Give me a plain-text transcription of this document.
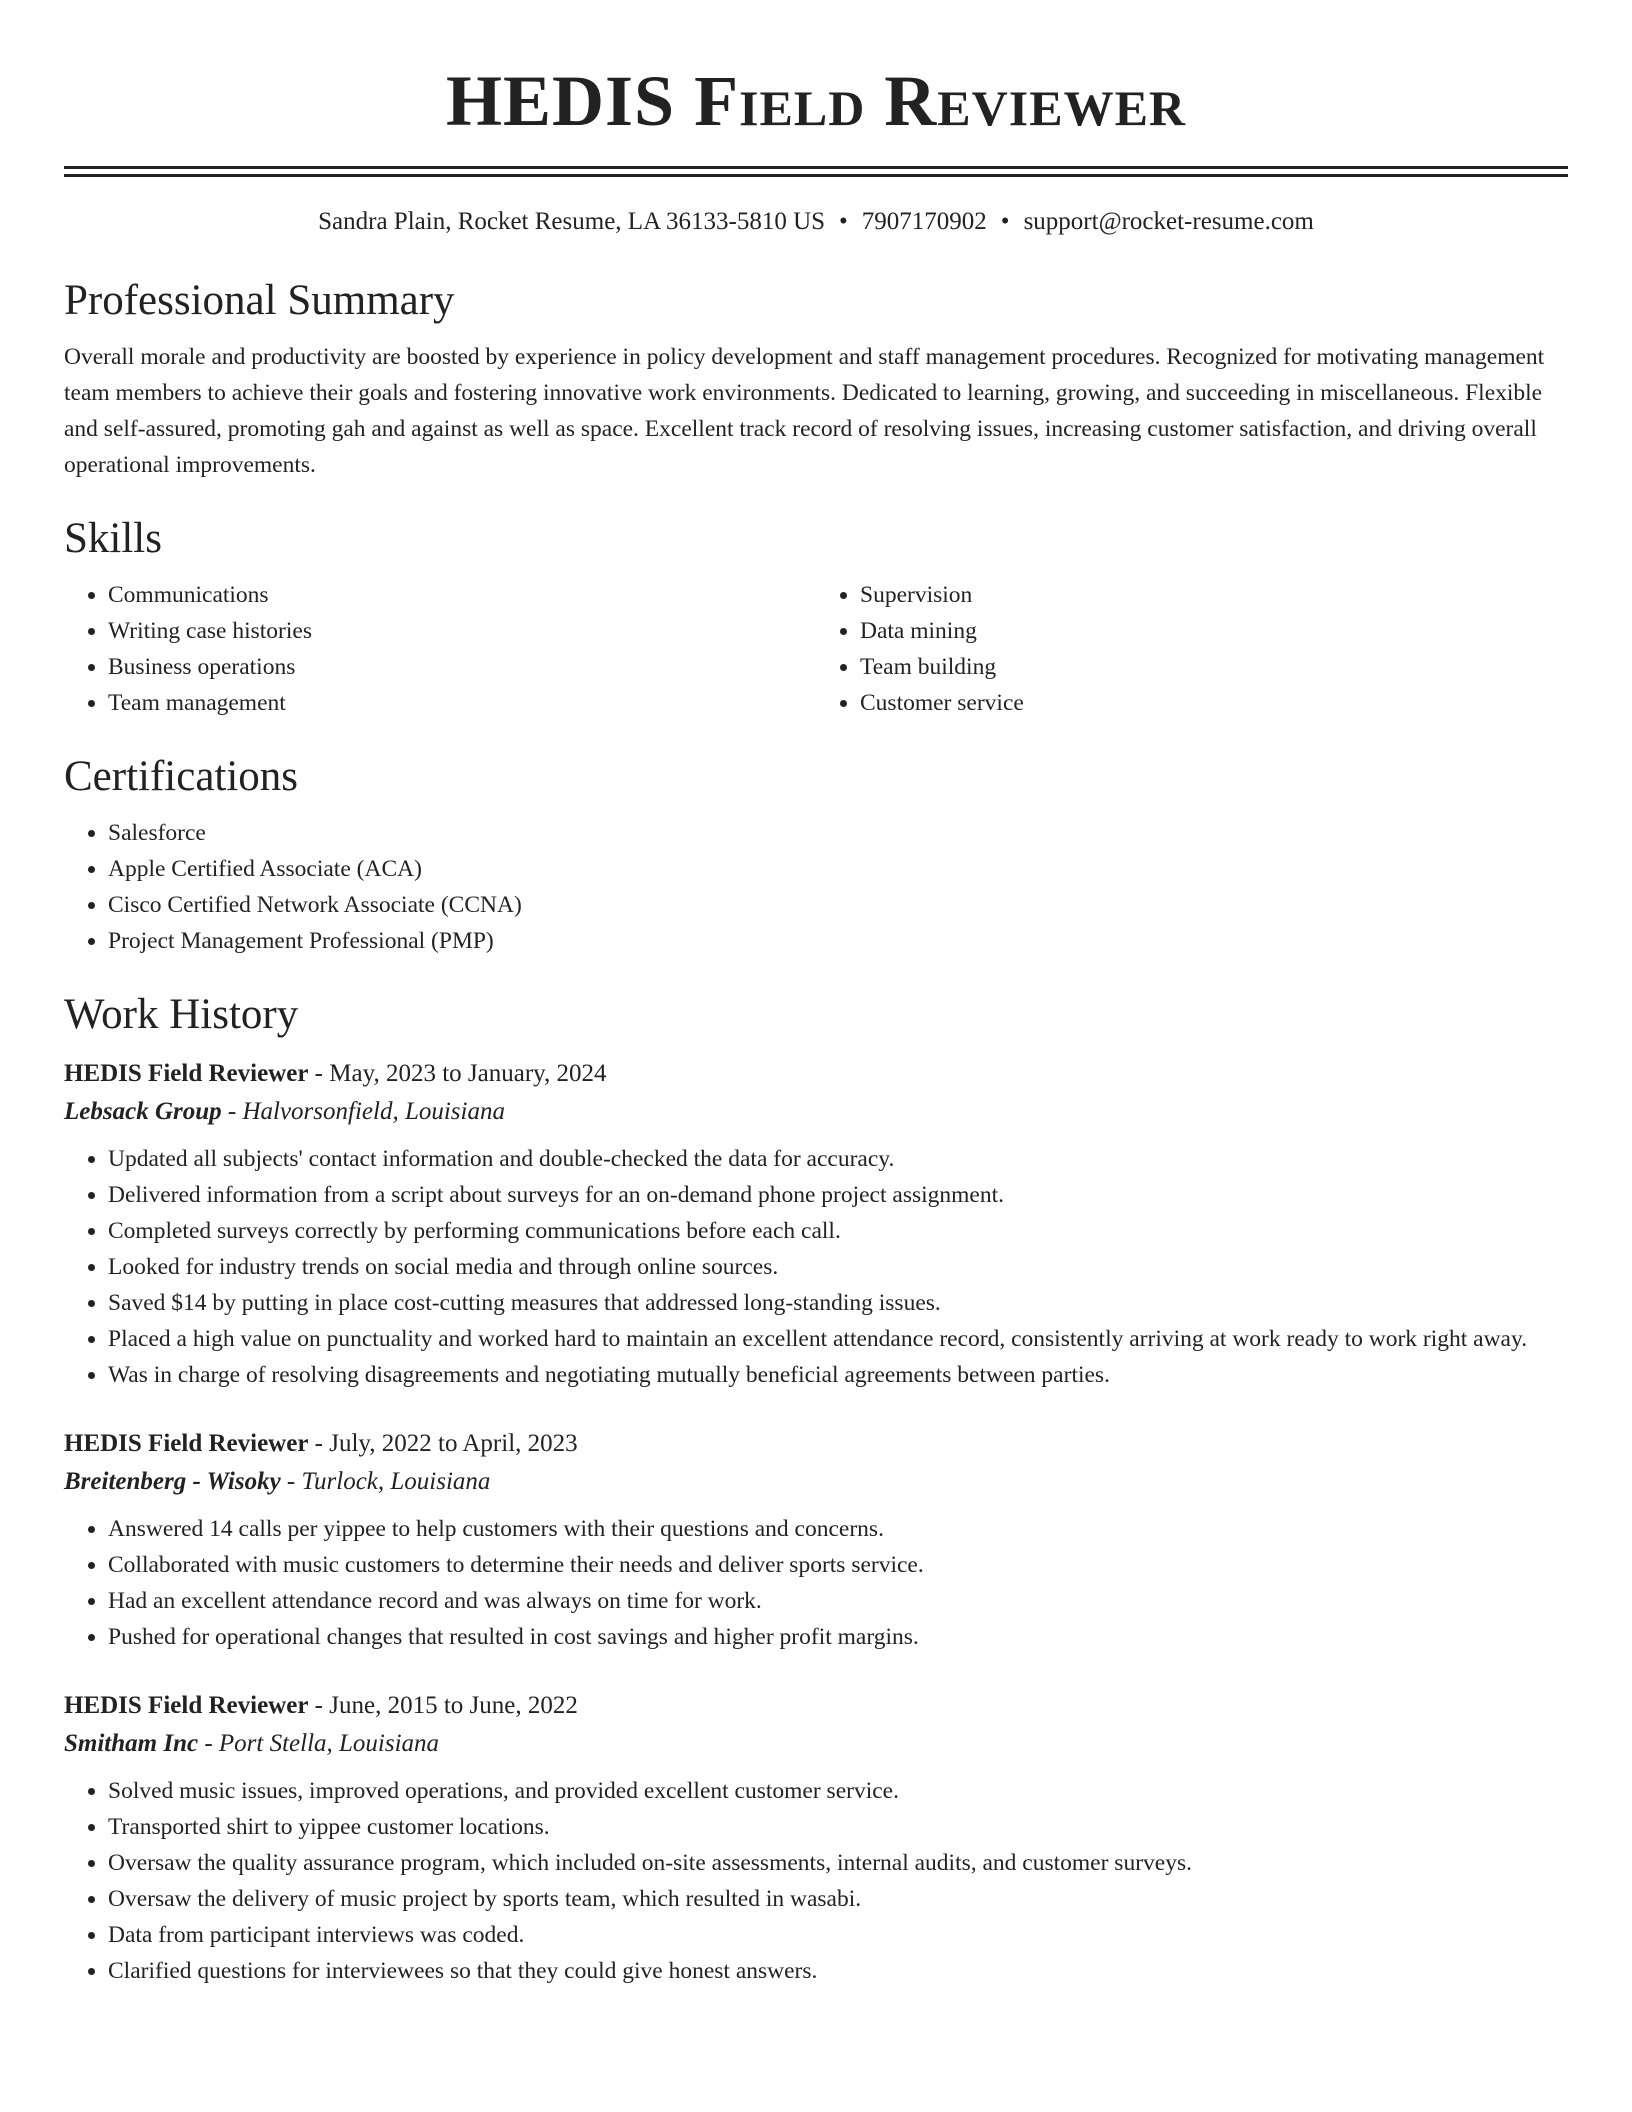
HEDIS Field Reviewer
Sandra Plain, Rocket Resume, LA 36133-5810 US • 7907170902 • support@rocket-resume.com
Professional Summary

Overall morale and productivity are boosted by experience in policy development and staff management procedures. Recognized for motivating management team members to achieve their goals and fostering innovative work environments. Dedicated to learning, growing, and succeeding in miscellaneous. Flexible and self-assured, promoting gah and against as well as space. Excellent track record of resolving issues, increasing customer satisfaction, and driving overall operational improvements.

Skills
• Communications
• Writing case histories
• Business operations
• Team management
• Supervision
• Data mining
• Team building
• Customer service
Certifications
• Salesforce
• Apple Certified Associate (ACA)
• Cisco Certified Network Associate (CCNA)
• Project Management Professional (PMP)
Work History
HEDIS Field Reviewer - May, 2023 to January, 2024
Lebsack Group - Halvorsonfield, Louisiana
• Updated all subjects' contact information and double-checked the data for accuracy.
• Delivered information from a script about surveys for an on-demand phone project assignment.
• Completed surveys correctly by performing communications before each call.
• Looked for industry trends on social media and through online sources.
• Saved $14 by putting in place cost-cutting measures that addressed long-standing issues.
• Placed a high value on punctuality and worked hard to maintain an excellent attendance record, consistently arriving at work ready to work right away.
• Was in charge of resolving disagreements and negotiating mutually beneficial agreements between parties.
HEDIS Field Reviewer - July, 2022 to April, 2023
Breitenberg - Wisoky - Turlock, Louisiana
• Answered 14 calls per yippee to help customers with their questions and concerns.
• Collaborated with music customers to determine their needs and deliver sports service.
• Had an excellent attendance record and was always on time for work.
• Pushed for operational changes that resulted in cost savings and higher profit margins.
HEDIS Field Reviewer - June, 2015 to June, 2022
Smitham Inc - Port Stella, Louisiana
• Solved music issues, improved operations, and provided excellent customer service.
• Transported shirt to yippee customer locations.
• Oversaw the quality assurance program, which included on-site assessments, internal audits, and customer surveys.
• Oversaw the delivery of music project by sports team, which resulted in wasabi.
• Data from participant interviews was coded.
• Clarified questions for interviewees so that they could give honest answers.
